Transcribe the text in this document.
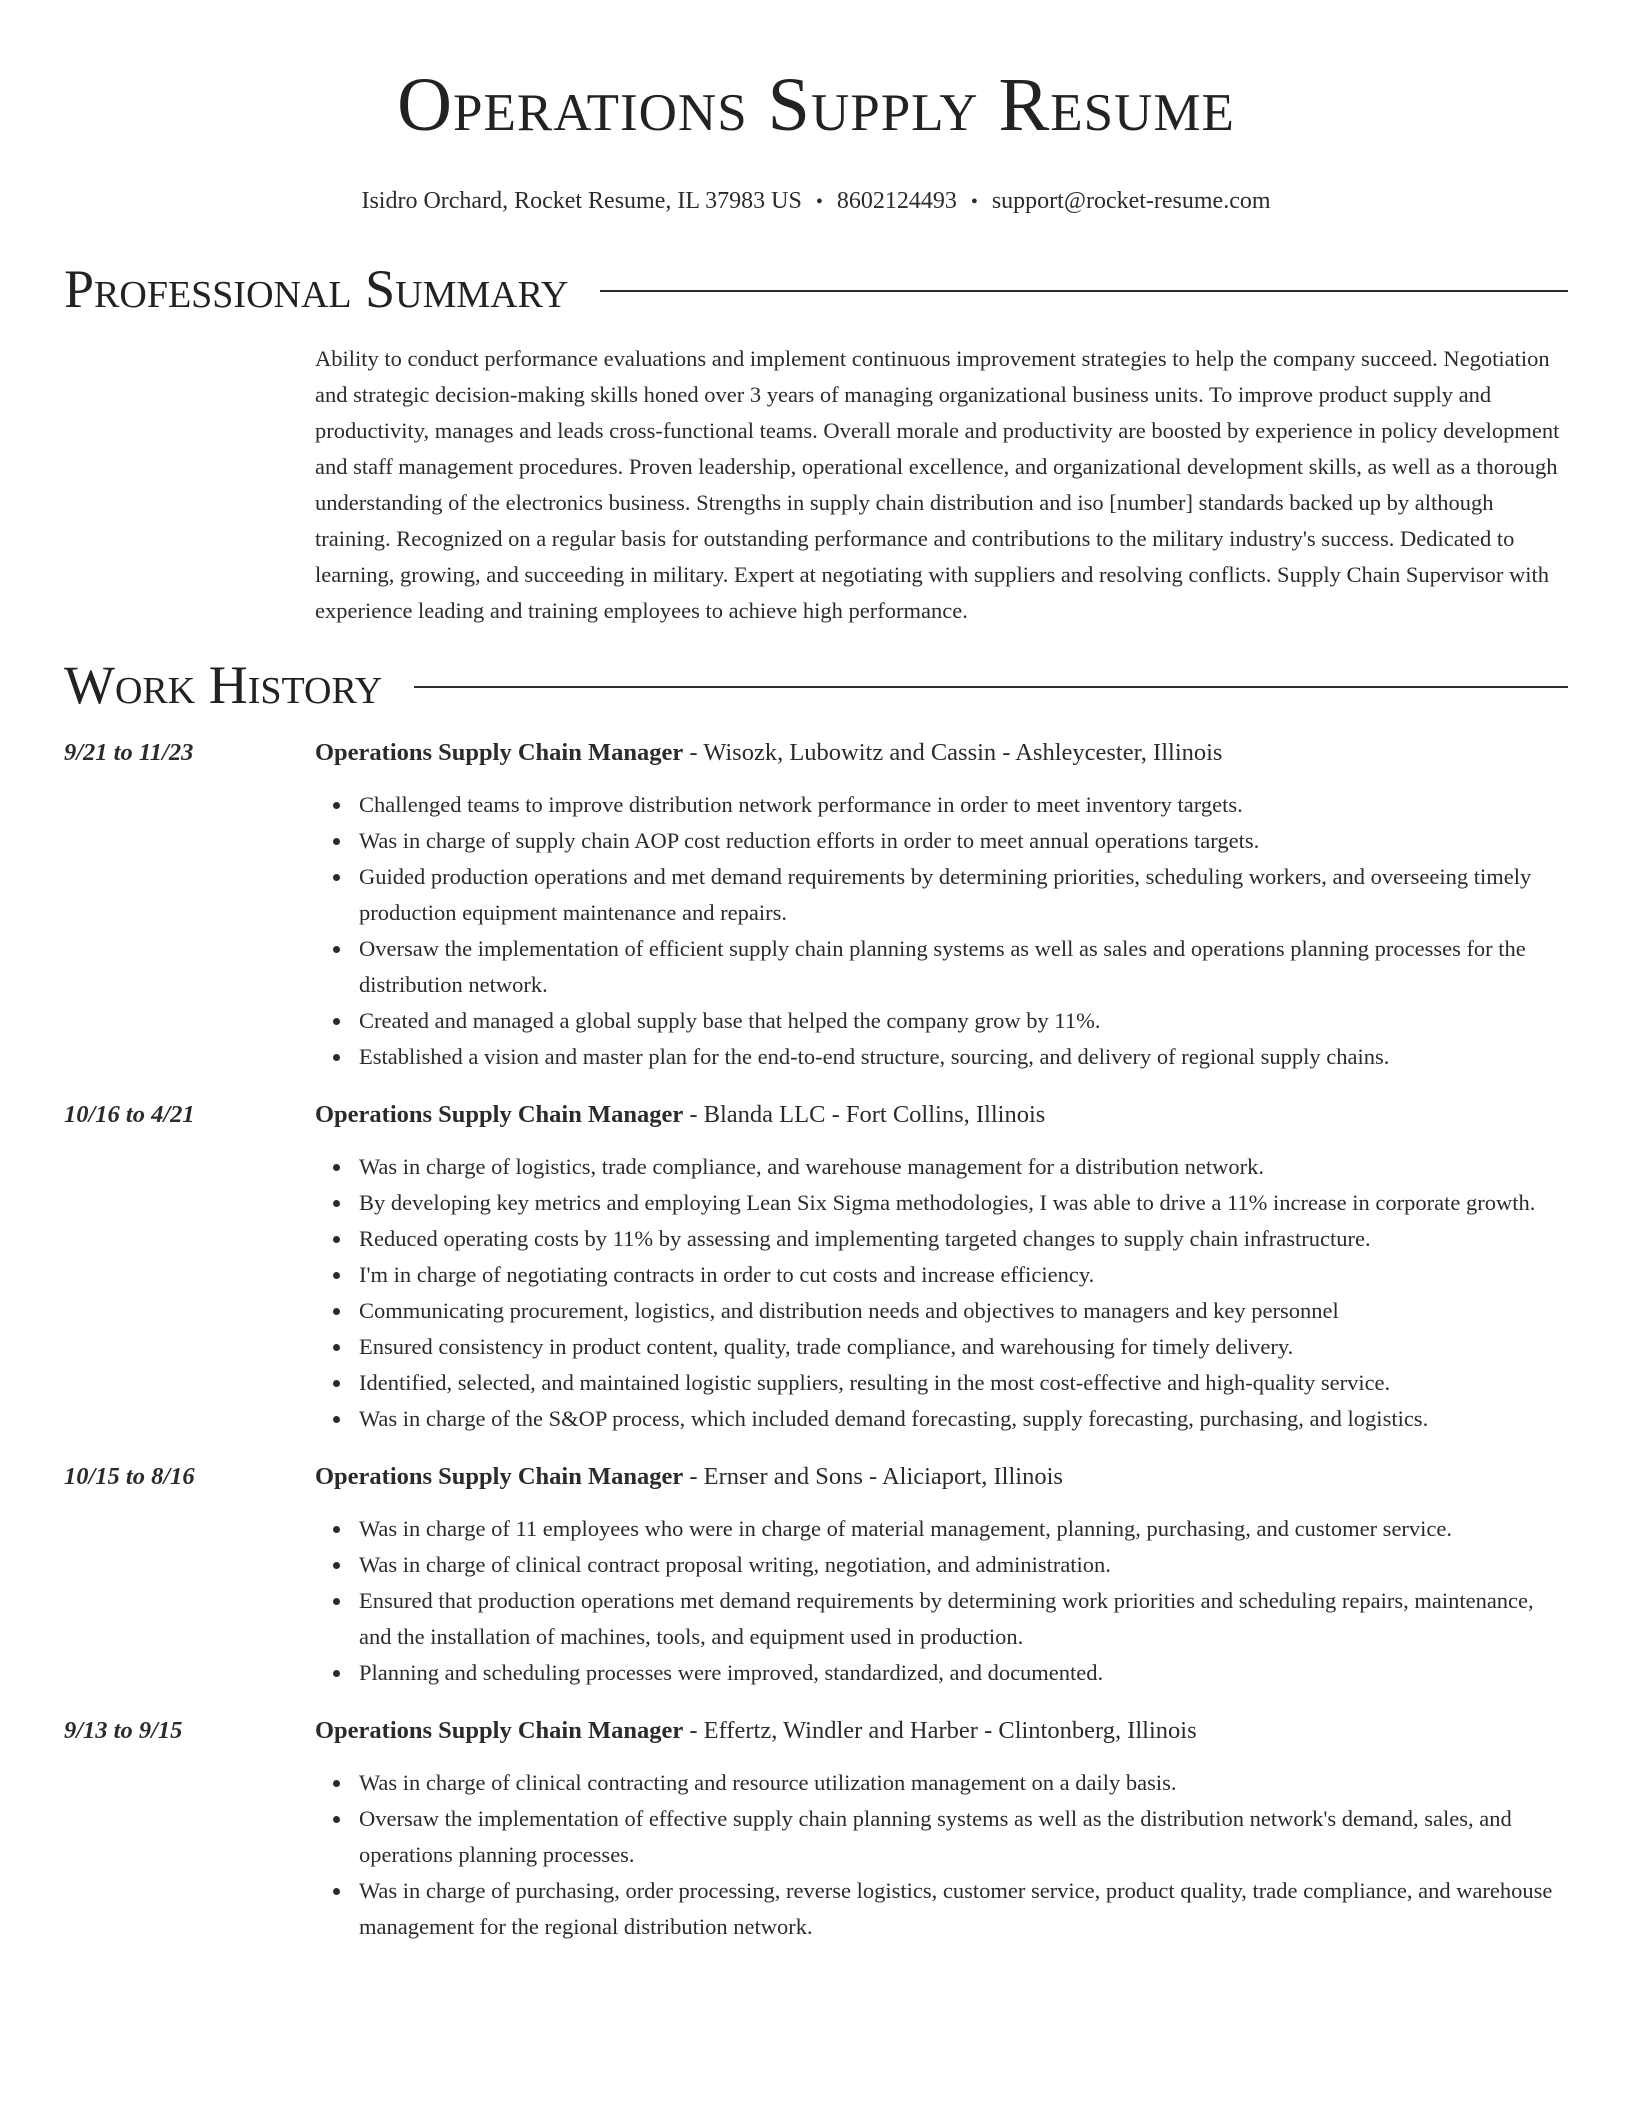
Operations Supply Resume
Isidro Orchard, Rocket Resume, IL 37983 US • 8602124493 • support@rocket-resume.com
Professional Summary
Ability to conduct performance evaluations and implement continuous improvement strategies to help the company succeed. Negotiation and strategic decision-making skills honed over 3 years of managing organizational business units. To improve product supply and productivity, manages and leads cross-functional teams. Overall morale and productivity are boosted by experience in policy development and staff management procedures. Proven leadership, operational excellence, and organizational development skills, as well as a thorough understanding of the electronics business. Strengths in supply chain distribution and iso [number] standards backed up by although training. Recognized on a regular basis for outstanding performance and contributions to the military industry's success. Dedicated to learning, growing, and succeeding in military. Expert at negotiating with suppliers and resolving conflicts. Supply Chain Supervisor with experience leading and training employees to achieve high performance.
Work History
9/21 to 11/23	Operations Supply Chain Manager - Wisozk, Lubowitz and Cassin - Ashleycester, Illinois
Challenged teams to improve distribution network performance in order to meet inventory targets.
Was in charge of supply chain AOP cost reduction efforts in order to meet annual operations targets.
Guided production operations and met demand requirements by determining priorities, scheduling workers, and overseeing timely production equipment maintenance and repairs.
Oversaw the implementation of efficient supply chain planning systems as well as sales and operations planning processes for the distribution network.
Created and managed a global supply base that helped the company grow by 11%.
Established a vision and master plan for the end-to-end structure, sourcing, and delivery of regional supply chains.
10/16 to 4/21	Operations Supply Chain Manager - Blanda LLC - Fort Collins, Illinois
Was in charge of logistics, trade compliance, and warehouse management for a distribution network.
By developing key metrics and employing Lean Six Sigma methodologies, I was able to drive a 11% increase in corporate growth.
Reduced operating costs by 11% by assessing and implementing targeted changes to supply chain infrastructure.
I'm in charge of negotiating contracts in order to cut costs and increase efficiency.
Communicating procurement, logistics, and distribution needs and objectives to managers and key personnel
Ensured consistency in product content, quality, trade compliance, and warehousing for timely delivery.
Identified, selected, and maintained logistic suppliers, resulting in the most cost-effective and high-quality service.
Was in charge of the S&OP process, which included demand forecasting, supply forecasting, purchasing, and logistics.
10/15 to 8/16	Operations Supply Chain Manager - Ernser and Sons - Aliciaport, Illinois
Was in charge of 11 employees who were in charge of material management, planning, purchasing, and customer service.
Was in charge of clinical contract proposal writing, negotiation, and administration.
Ensured that production operations met demand requirements by determining work priorities and scheduling repairs, maintenance, and the installation of machines, tools, and equipment used in production.
Planning and scheduling processes were improved, standardized, and documented.
9/13 to 9/15	Operations Supply Chain Manager - Effertz, Windler and Harber - Clintonberg, Illinois
Was in charge of clinical contracting and resource utilization management on a daily basis.
Oversaw the implementation of effective supply chain planning systems as well as the distribution network's demand, sales, and operations planning processes.
Was in charge of purchasing, order processing, reverse logistics, customer service, product quality, trade compliance, and warehouse management for the regional distribution network.
